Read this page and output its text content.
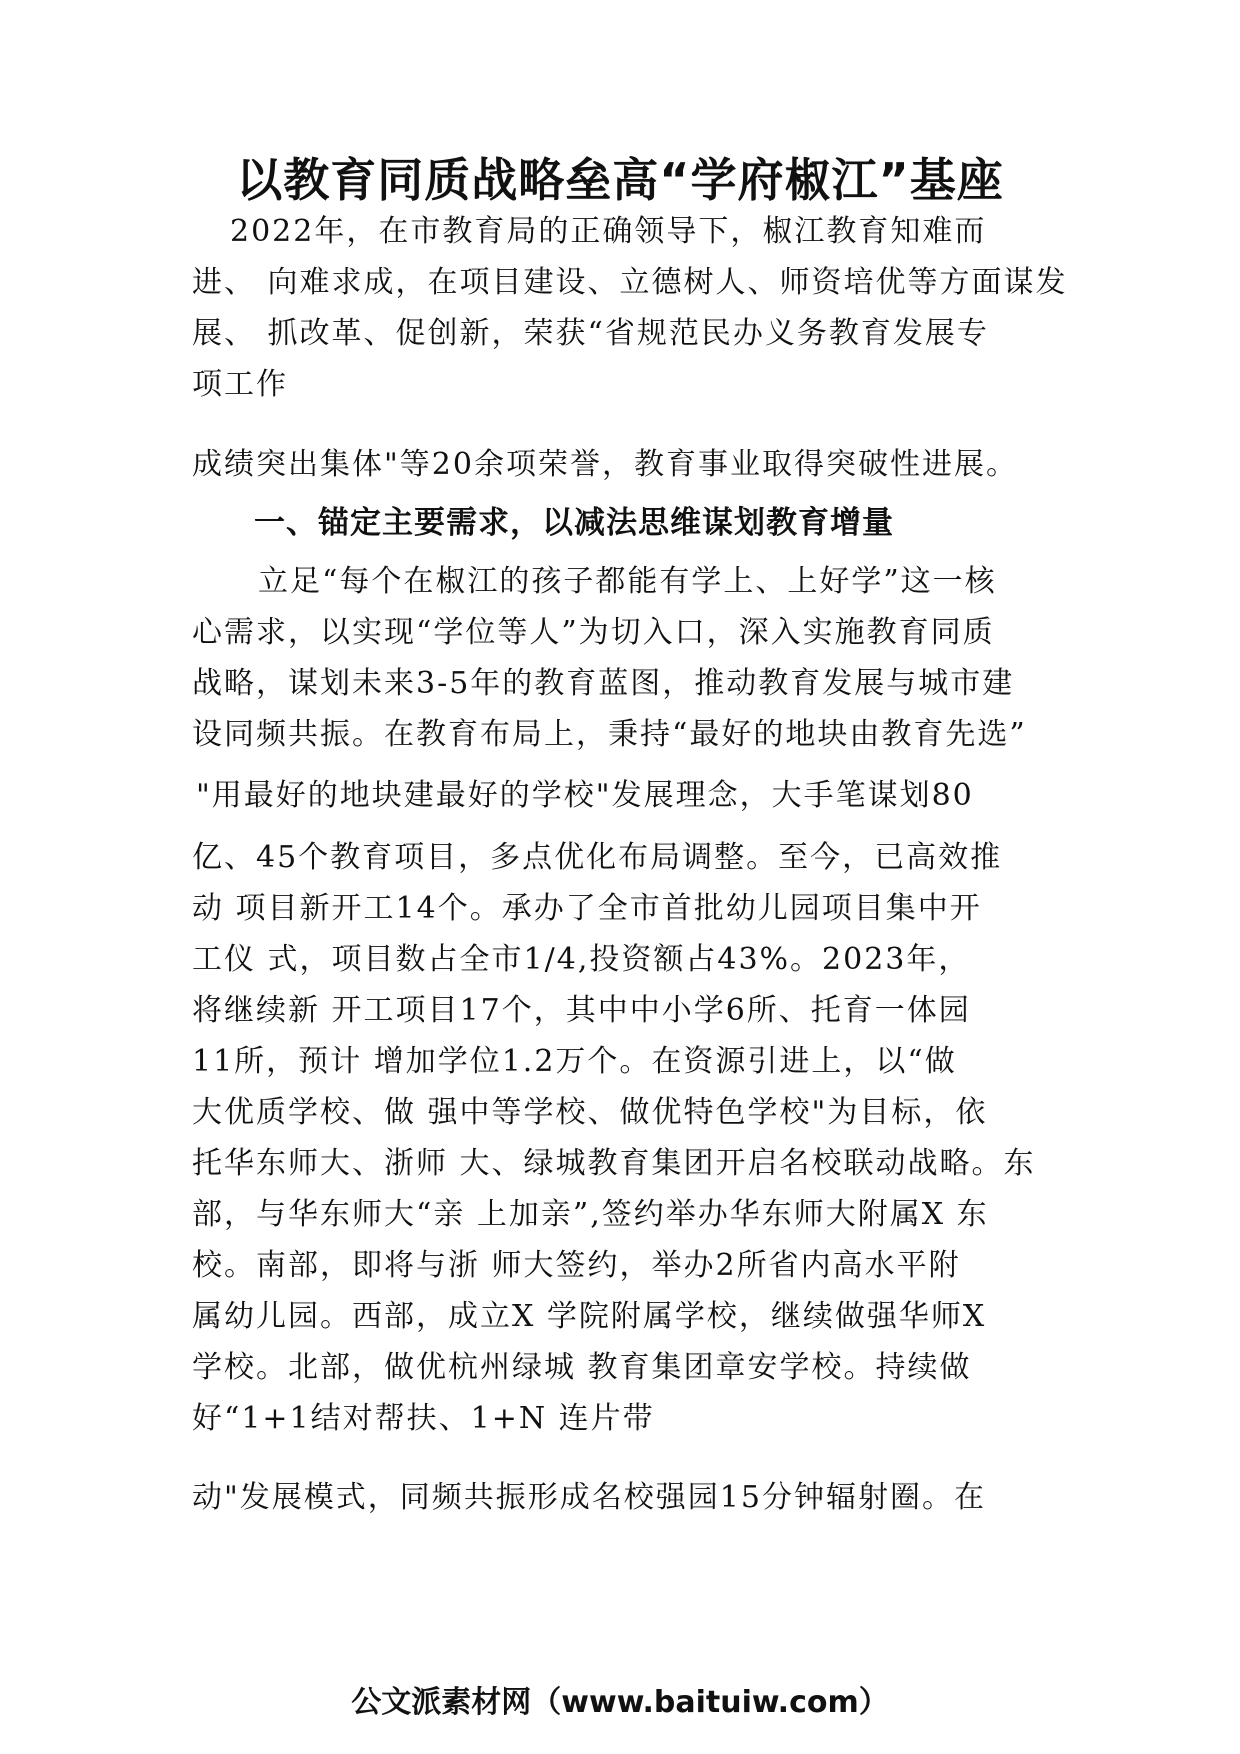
以教育同质战略垒高“学府椒江”基座

2022年，在市教育局的正确领导下，椒江教育知难而

进、 向难求成，在项目建设、立德树人、师资培优等方面谋发

展、 抓改革、促创新，荣获“省规范民办义务教育发展专

项工作

成绩突出集体"等20余项荣誉，教育事业取得突破性进展。

一、锚定主要需求，以减法思维谋划教育增量

立足“每个在椒江的孩子都能有学上、上好学”这一核

心需求，以实现“学位等人”为切入口，深入实施教育同质

战略，谋划未来3-5年的教育蓝图，推动教育发展与城市建

设同频共振。在教育布局上，秉持“最好的地块由教育先选”

"用最好的地块建最好的学校"发展理念，大手笔谋划80

亿、45个教育项目，多点优化布局调整。至今，已高效推

动 项目新开工14个。承办了全市首批幼儿园项目集中开

工仪 式，项目数占全市1/4,投资额占43%。2023年，

将继续新 开工项目17个，其中中小学6所、托育一体园

11所，预计 增加学位1.2万个。在资源引进上，以“做

大优质学校、做 强中等学校、做优特色学校"为目标，依

托华东师大、浙师 大、绿城教育集团开启名校联动战略。东

部，与华东师大“亲 上加亲”,签约举办华东师大附属X 东

校。南部，即将与浙 师大签约，举办2所省内高水平附

属幼儿园。西部，成立X 学院附属学校，继续做强华师X

学校。北部，做优杭州绿城 教育集团章安学校。持续做

好“1+1结对帮扶、1+N 连片带

动"发展模式，同频共振形成名校强园15分钟辐射圈。在

公文派素材网（www.baituiw.com）
